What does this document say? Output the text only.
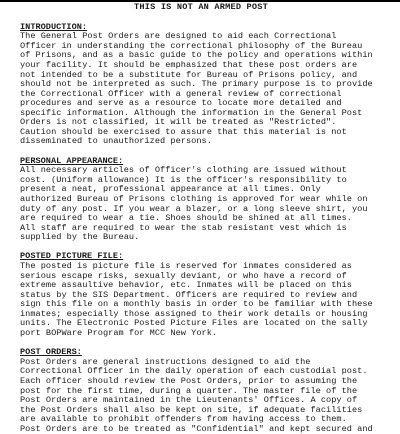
THIS IS NOT AN ARMED POST
INTRODUCTION:
The General Post Orders are designed to aid each Correctional
Officer in understanding the correctional philosophy of the Bureau
of Prisons, and as a basic guide to the policy and operations within
your facility. It should be emphasized that these post orders are
not intended to be a substitute for Bureau of Prisons policy, and
should not be interpreted as such. The primary purpose is to provide
the Correctional Officer with a general review of correctional
procedures and serve as a resource to locate more detailed and
specific information. Although the information in the General Post
Orders is not classified, it will be treated as "Restricted".
Caution should be exercised to assure that this material is not
disseminated to unauthorized persons.
PERSONAL APPEARANCE:
All necessary articles of Officer's clothing are issued without
cost. (Uniform allowance) It is the officer's responsibility to
present a neat, professional appearance at all times. Only
authorized Bureau of Prisons clothing is approved for wear while on
duty of any post. If you wear a blazer, or a long sleeve shirt, you
are required to wear a tie. Shoes should be shined at all times.
All staff are required to wear the stab resistant vest which is
supplied by the Bureau.
POSTED PICTURE FILE:
The posted is picture file is reserved for inmates considered as
serious escape risks, sexually deviant, or who have a record of
extreme assaultive behavior, etc. Inmates will be placed on this
status by the SIS Department. Officers are required to review and
sign this file on a monthly basis in order to be familiar with these
inmates; especially those assigned to their work details or housing
units. The Electronic Posted Picture Files are located on the sally
port BOPWare Program for MCC New York.
POST ORDERS:
Post Orders are general instructions designed to aid the
Correctional Officer in the daily operation of each custodial post.
Each officer should review the Post Orders, prior to assuming the
post for the first time, during a quarter. The master file of the
Post Orders are maintained in the Lieutenants' Offices. A copy of
the Post Orders shall also be kept on site, if adequate facilities
are available to prohibit offenders from having access to them.
Post Orders are to be treated as "Confidential" and kept secured and
